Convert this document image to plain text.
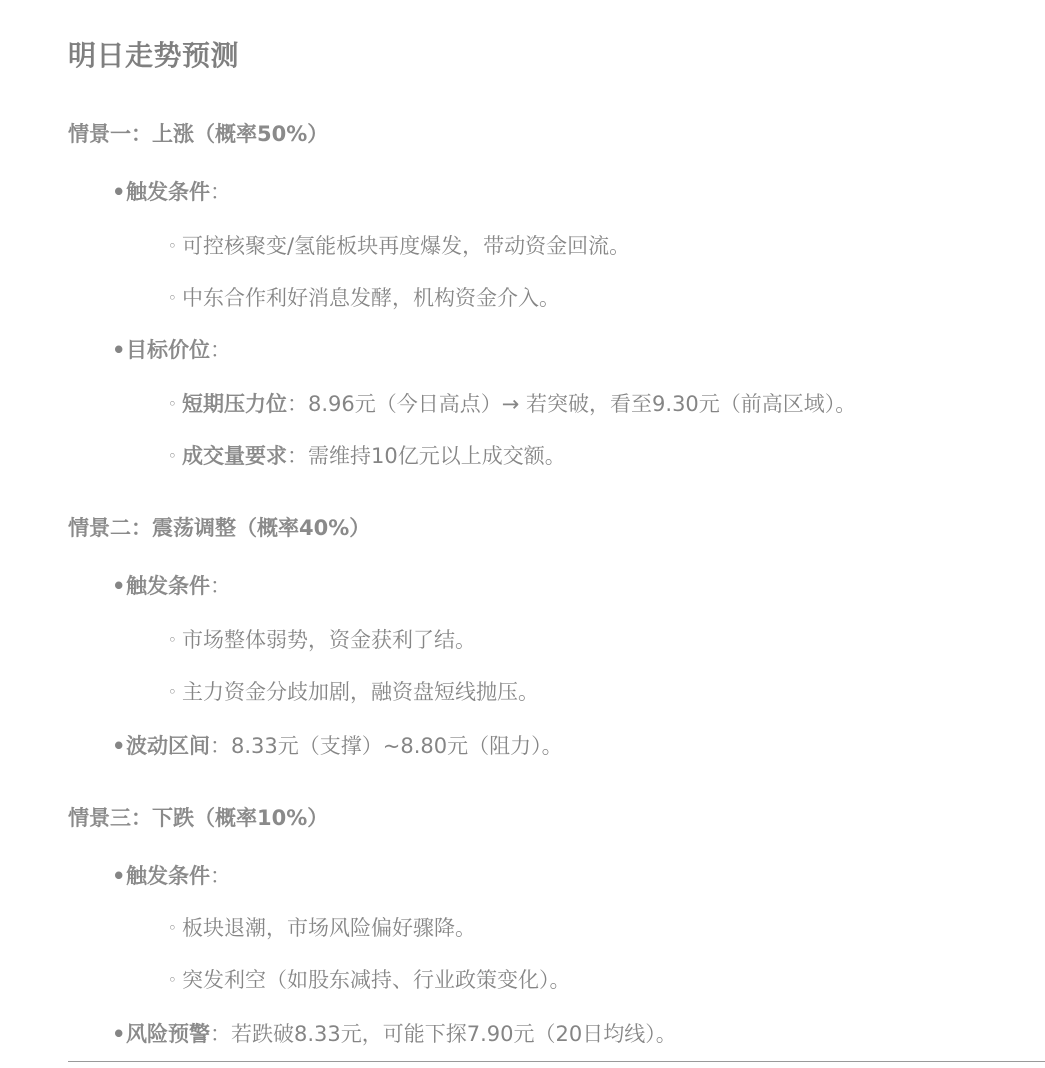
明日走势预测
情景一：上涨（概率50%）
•触发条件：
◦ 可控核聚变/氢能板块再度爆发，带动资金回流。
◦ 中东合作利好消息发酵，机构资金介入。
•目标价位：
◦ 短期压力位：8.96元（今日高点）→ 若突破，看至9.30元（前高区域）。
◦ 成交量要求：需维持10亿元以上成交额。
情景二：震荡调整（概率40%）
•触发条件：
◦ 市场整体弱势，资金获利了结。
◦ 主力资金分歧加剧，融资盘短线抛压。
•波动区间：8.33元（支撑）~8.80元（阻力）。
情景三：下跌（概率10%）
•触发条件：
◦ 板块退潮，市场风险偏好骤降。
◦ 突发利空（如股东减持、行业政策变化）。
•风险预警：若跌破8.33元，可能下探7.90元（20日均线）。
